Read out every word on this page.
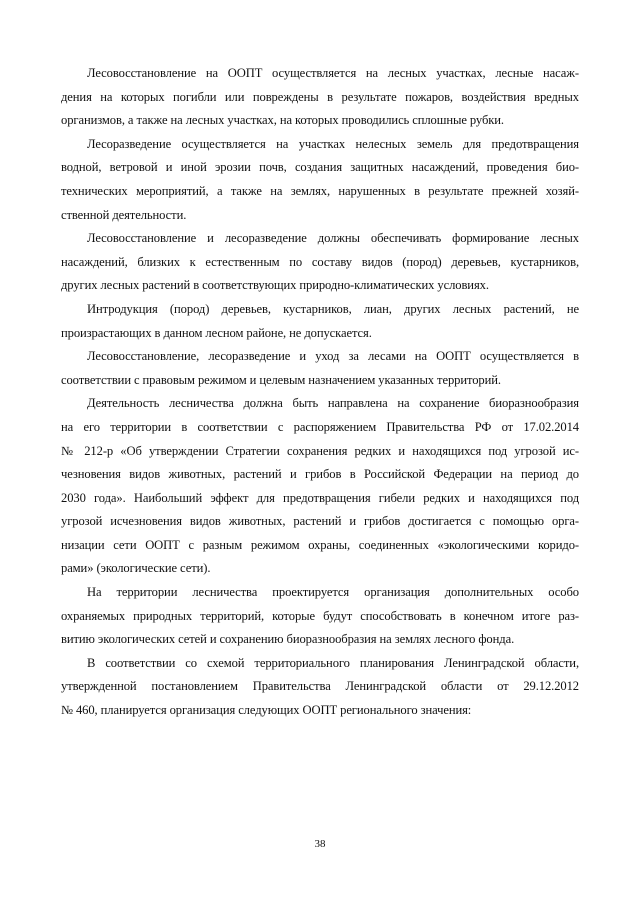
Лесовосстановление на ООПТ осуществляется на лесных участках, лесные насаж-
дения на которых погибли или повреждены в результате пожаров, воздействия вредных
организмов, а также на лесных участках, на которых проводились сплошные рубки.

Лесоразведение осуществляется на участках нелесных земель для предотвращения
водной, ветровой и иной эрозии почв, создания защитных насаждений, проведения био-
технических мероприятий, а также на землях, нарушенных в результате прежней хозяй-
ственной деятельности.

Лесовосстановление и лесоразведение должны обеспечивать формирование лесных
насаждений, близких к естественным по составу видов (пород) деревьев, кустарников,
других лесных растений в соответствующих природно-климатических условиях.

Интродукция (пород) деревьев, кустарников, лиан, других лесных растений, не
произрастающих в данном лесном районе, не допускается.

Лесовосстановление, лесоразведение и уход за лесами на ООПТ осуществляется в
соответствии с правовым режимом и целевым назначением указанных территорий.

Деятельность лесничества должна быть направлена на сохранение биоразнообразия
на его территории в соответствии с распоряжением Правительства РФ от 17.02.2014
№ 212-р «Об утверждении Стратегии сохранения редких и находящихся под угрозой ис-
чезновения видов животных, растений и грибов в Российской Федерации на период до
2030 года». Наибольший эффект для предотвращения гибели редких и находящихся под
угрозой исчезновения видов животных, растений и грибов достигается с помощью орга-
низации сети ООПТ с разным режимом охраны, соединенных «экологическими коридо-
рами» (экологические сети).

На территории лесничества проектируется организация дополнительных особо
охраняемых природных территорий, которые будут способствовать в конечном итоге раз-
витию экологических сетей и сохранению биоразнообразия на землях лесного фонда.

В соответствии со схемой территориального планирования Ленинградской области,
утвержденной постановлением Правительства Ленинградской области от 29.12.2012
№ 460, планируется организация следующих ООПТ регионального значения:

38
